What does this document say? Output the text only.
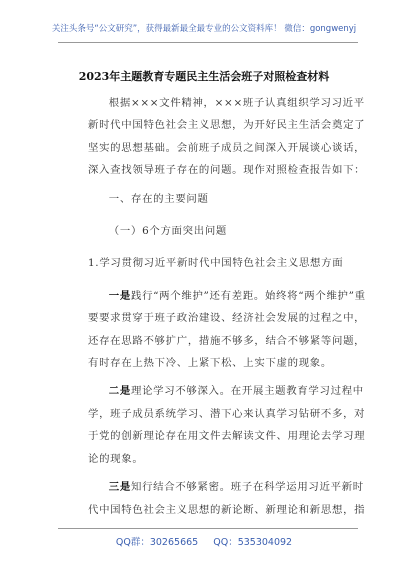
关注头条号“公文研究”，获得最新最全最专业的公文资料库！ 微信：gongwenyj
2023年主题教育专题民主生活会班子对照检查材料

根据×××文件精神，×××班子认真组织学习习近平新时代中国特色社会主义思想，为开好民主生活会奠定了坚实的思想基础。会前班子成员之间深入开展谈心谈话，深入查找领导班子存在的问题。现作对照检查报告如下：

一、存在的主要问题

（一）6个方面突出问题

1.学习贯彻习近平新时代中国特色社会主义思想方面

一是践行“两个维护”还有差距。始终将“两个维护”重要要求贯穿于班子政治建设、经济社会发展的过程之中，还存在思路不够扩广，措施不够多，结合不够紧等问题，有时存在上热下冷、上紧下松、上实下虚的现象。

二是理论学习不够深入。在开展主题教育学习过程中学，班子成员系统学习、潜下心来认真学习钻研不多，对于党的创新理论存在用文件去解读文件、用理论去学习理论的现象。

三是知行结合不够紧密。班子在科学运用习近平新时代中国特色社会主义思想的新论断、新理论和新思想，指

QQ群：30265665 QQ：535304092
